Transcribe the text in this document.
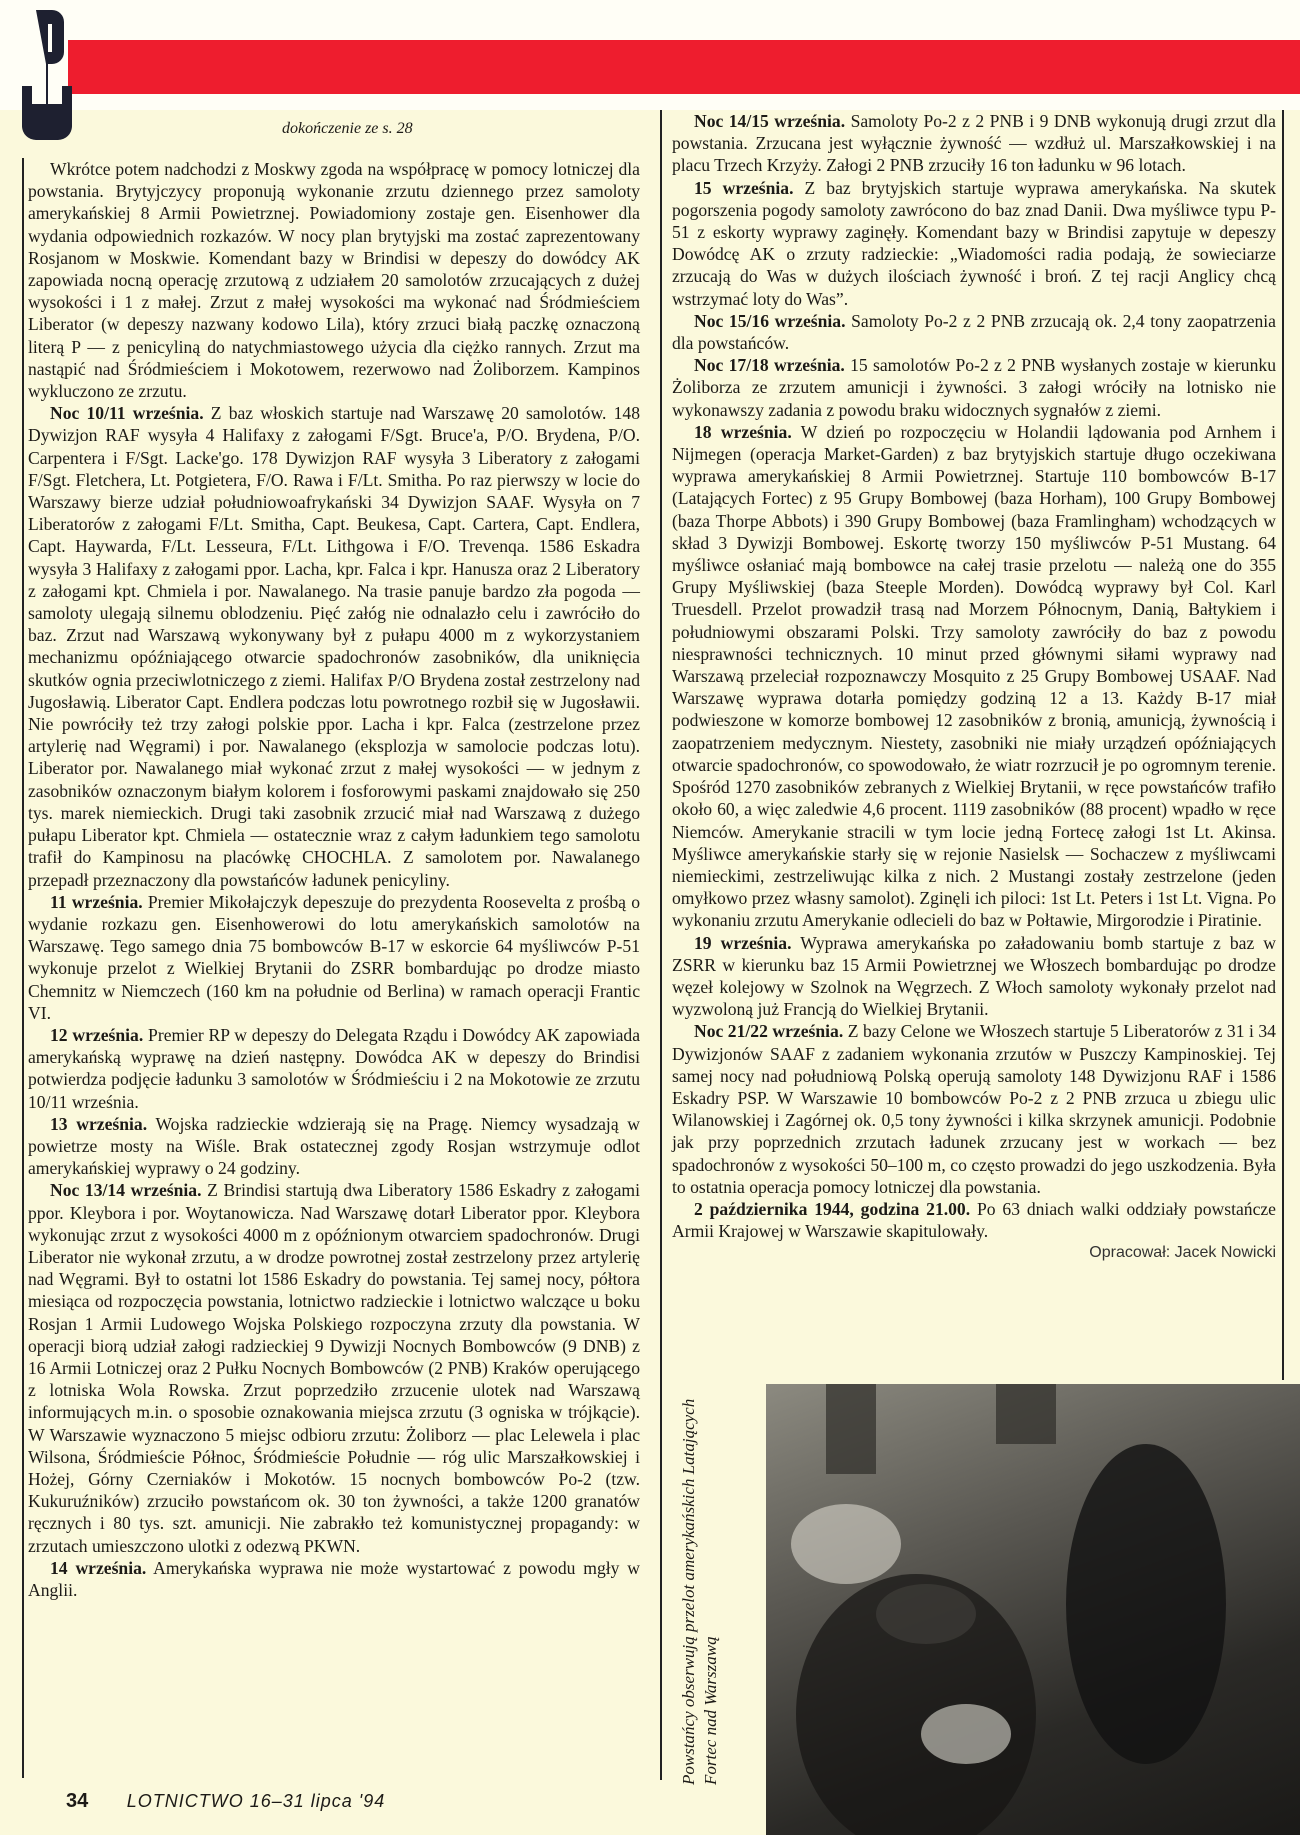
dokończenie ze s. 28

Wkrótce potem nadchodzi z Moskwy zgoda na współpracę w pomocy lotniczej dla powstania. Brytyjczycy proponują wykonanie zrzutu dziennego przez samoloty amerykańskiej 8 Armii Powietrznej. Powiadomiony zostaje gen. Eisenhower dla wydania odpowiednich rozkazów. W nocy plan brytyjski ma zostać zaprezentowany Rosjanom w Moskwie. Komendant bazy w Brindisi w depeszy do dowódcy AK zapowiada nocną operację zrzutową z udziałem 20 samolotów zrzucających z dużej wysokości i 1 z małej. Zrzut z małej wysokości ma wykonać nad Śródmieściem Liberator (w depeszy nazwany kodowo Lila), który zrzuci białą paczkę oznaczoną literą P — z penicyliną do natychmiastowego użycia dla ciężko rannych. Zrzut ma nastąpić nad Śródmieściem i Mokotowem, rezerwowo nad Żoliborzem. Kampinos wykluczono ze zrzutu.

Noc 10/11 września. Z baz włoskich startuje nad Warszawę 20 samolotów. 148 Dywizjon RAF wysyła 4 Halifaxy z załogami F/Sgt. Bruce'a, P/O. Brydena, P/O. Carpentera i F/Sgt. Lacke'go. 178 Dywizjon RAF wysyła 3 Liberatory z załogami F/Sgt. Fletchera, Lt. Potgietera, F/O. Rawa i F/Lt. Smitha. Po raz pierwszy w locie do Warszawy bierze udział południowoafrykański 34 Dywizjon SAAF. Wysyła on 7 Liberatorów z załogami F/Lt. Smitha, Capt. Beukesa, Capt. Cartera, Capt. Endlera, Capt. Haywarda, F/Lt. Lesseura, F/Lt. Lithgowa i F/O. Trevenqa. 1586 Eskadra wysyła 3 Halifaxy z załogami ppor. Lacha, kpr. Falca i kpr. Hanusza oraz 2 Liberatory z załogami kpt. Chmiela i por. Nawalanego. Na trasie panuje bardzo zła pogoda — samoloty ulegają silnemu oblodzeniu. Pięć załóg nie odnalazło celu i zawróciło do baz. Zrzut nad Warszawą wykonywany był z pułapu 4000 m z wykorzystaniem mechanizmu opóźniającego otwarcie spadochronów zasobników, dla uniknięcia skutków ognia przeciwlotniczego z ziemi. Halifax P/O Brydena został zestrzelony nad Jugosławią. Liberator Capt. Endlera podczas lotu powrotnego rozbił się w Jugosławii. Nie powróciły też trzy załogi polskie ppor. Lacha i kpr. Falca (zestrzelone przez artylerię nad Węgrami) i por. Nawalanego (eksplozja w samolocie podczas lotu). Liberator por. Nawalanego miał wykonać zrzut z małej wysokości — w jednym z zasobników oznaczonym białym kolorem i fosforowymi paskami znajdowało się 250 tys. marek niemieckich. Drugi taki zasobnik zrzucić miał nad Warszawą z dużego pułapu Liberator kpt. Chmiela — ostatecznie wraz z całym ładunkiem tego samolotu trafił do Kampinosu na placówkę CHOCHLA. Z samolotem por. Nawalanego przepadł przeznaczony dla powstańców ładunek penicyliny.

11 września. Premier Mikołajczyk depeszuje do prezydenta Roosevelta z prośbą o wydanie rozkazu gen. Eisenhowerowi do lotu amerykańskich samolotów na Warszawę. Tego samego dnia 75 bombowców B-17 w eskorcie 64 myśliwców P-51 wykonuje przelot z Wielkiej Brytanii do ZSRR bombardując po drodze miasto Chemnitz w Niemczech (160 km na południe od Berlina) w ramach operacji Frantic VI.

12 września. Premier RP w depeszy do Delegata Rządu i Dowódcy AK zapowiada amerykańską wyprawę na dzień następny. Dowódca AK w depeszy do Brindisi potwierdza podjęcie ładunku 3 samolotów w Śródmieściu i 2 na Mokotowie ze zrzutu 10/11 września.

13 września. Wojska radzieckie wdzierają się na Pragę. Niemcy wysadzają w powietrze mosty na Wiśle. Brak ostatecznej zgody Rosjan wstrzymuje odlot amerykańskiej wyprawy o 24 godziny.

Noc 13/14 września. Z Brindisi startują dwa Liberatory 1586 Eskadry z załogami ppor. Kleybora i por. Woytanowicza. Nad Warszawę dotarł Liberator ppor. Kleybora wykonując zrzut z wysokości 4000 m z opóźnionym otwarciem spadochronów. Drugi Liberator nie wykonał zrzutu, a w drodze powrotnej został zestrzelony przez artylerię nad Węgrami. Był to ostatni lot 1586 Eskadry do powstania. Tej samej nocy, półtora miesiąca od rozpoczęcia powstania, lotnictwo radzieckie i lotnictwo walczące u boku Rosjan 1 Armii Ludowego Wojska Polskiego rozpoczyna zrzuty dla powstania. W operacji biorą udział załogi radzieckiej 9 Dywizji Nocnych Bombowców (9 DNB) z 16 Armii Lotniczej oraz 2 Pułku Nocnych Bombowców (2 PNB) Kraków operującego z lotniska Wola Rowska. Zrzut poprzedziło zrzucenie ulotek nad Warszawą informujących m.in. o sposobie oznakowania miejsca zrzutu (3 ogniska w trójkącie). W Warszawie wyznaczono 5 miejsc odbioru zrzutu: Żoliborz — plac Lelewela i plac Wilsona, Śródmieście Północ, Śródmieście Południe — róg ulic Marszałkowskiej i Hożej, Górny Czerniaków i Mokotów. 15 nocnych bombowców Po-2 (tzw. Kukuruźników) zrzuciło powstańcom ok. 30 ton żywności, a także 1200 granatów ręcznych i 80 tys. szt. amunicji. Nie zabrakło też komunistycznej propagandy: w zrzutach umieszczono ulotki z odezwą PKWN.

14 września. Amerykańska wyprawa nie może wystartować z powodu mgły w Anglii.

Noc 14/15 września. Samoloty Po-2 z 2 PNB i 9 DNB wykonują drugi zrzut dla powstania. Zrzucana jest wyłącznie żywność — wzdłuż ul. Marszałkowskiej i na placu Trzech Krzyży. Załogi 2 PNB zrzuciły 16 ton ładunku w 96 lotach.

15 września. Z baz brytyjskich startuje wyprawa amerykańska. Na skutek pogorszenia pogody samoloty zawrócono do baz znad Danii. Dwa myśliwce typu P-51 z eskorty wyprawy zaginęły. Komendant bazy w Brindisi zapytuje w depeszy Dowódcę AK o zrzuty radzieckie: „Wiadomości radia podają, że sowieciarze zrzucają do Was w dużych ilościach żywność i broń. Z tej racji Anglicy chcą wstrzymać loty do Was”.

Noc 15/16 września. Samoloty Po-2 z 2 PNB zrzucają ok. 2,4 tony zaopatrzenia dla powstańców.

Noc 17/18 września. 15 samolotów Po-2 z 2 PNB wysłanych zostaje w kierunku Żoliborza ze zrzutem amunicji i żywności. 3 załogi wróciły na lotnisko nie wykonawszy zadania z powodu braku widocznych sygnałów z ziemi.

18 września. W dzień po rozpoczęciu w Holandii lądowania pod Arnhem i Nijmegen (operacja Market-Garden) z baz brytyjskich startuje długo oczekiwana wyprawa amerykańskiej 8 Armii Powietrznej. Startuje 110 bombowców B-17 (Latających Fortec) z 95 Grupy Bombowej (baza Horham), 100 Grupy Bombowej (baza Thorpe Abbots) i 390 Grupy Bombowej (baza Framlingham) wchodzących w skład 3 Dywizji Bombowej. Eskortę tworzy 150 myśliwców P-51 Mustang. 64 myśliwce osłaniać mają bombowce na całej trasie przelotu — należą one do 355 Grupy Myśliwskiej (baza Steeple Morden). Dowódcą wyprawy był Col. Karl Truesdell. Przelot prowadził trasą nad Morzem Północnym, Danią, Bałtykiem i południowymi obszarami Polski. Trzy samoloty zawróciły do baz z powodu niesprawności technicznych. 10 minut przed głównymi siłami wyprawy nad Warszawą przeleciał rozpoznawczy Mosquito z 25 Grupy Bombowej USAAF. Nad Warszawę wyprawa dotarła pomiędzy godziną 12 a 13. Każdy B-17 miał podwieszone w komorze bombowej 12 zasobników z bronią, amunicją, żywnością i zaopatrzeniem medycznym. Niestety, zasobniki nie miały urządzeń opóźniających otwarcie spadochronów, co spowodowało, że wiatr rozrzucił je po ogromnym terenie. Spośród 1270 zasobników zebranych z Wielkiej Brytanii, w ręce powstańców trafiło około 60, a więc zaledwie 4,6 procent. 1119 zasobników (88 procent) wpadło w ręce Niemców. Amerykanie stracili w tym locie jedną Fortecę załogi 1st Lt. Akinsa. Myśliwce amerykańskie starły się w rejonie Nasielsk — Sochaczew z myśliwcami niemieckimi, zestrzeliwując kilka z nich. 2 Mustangi zostały zestrzelone (jeden omyłkowo przez własny samolot). Zginęli ich piloci: 1st Lt. Peters i 1st Lt. Vigna. Po wykonaniu zrzutu Amerykanie odlecieli do baz w Połtawie, Mirgorodzie i Piratinie.

19 września. Wyprawa amerykańska po załadowaniu bomb startuje z baz w ZSRR w kierunku baz 15 Armii Powietrznej we Włoszech bombardując po drodze węzeł kolejowy w Szolnok na Węgrzech. Z Włoch samoloty wykonały przelot nad wyzwoloną już Francją do Wielkiej Brytanii.

Noc 21/22 września. Z bazy Celone we Włoszech startuje 5 Liberatorów z 31 i 34 Dywizjonów SAAF z zadaniem wykonania zrzutów w Puszczy Kampinoskiej. Tej samej nocy nad południową Polską operują samoloty 148 Dywizjonu RAF i 1586 Eskadry PSP. W Warszawie 10 bombowców Po-2 z 2 PNB zrzuca u zbiegu ulic Wilanowskiej i Zagórnej ok. 0,5 tony żywności i kilka skrzynek amunicji. Podobnie jak przy poprzednich zrzutach ładunek zrzucany jest w workach — bez spadochronów z wysokości 50–100 m, co często prowadzi do jego uszkodzenia. Była to ostatnia operacja pomocy lotniczej dla powstania.

2 października 1944, godzina 21.00. Po 63 dniach walki oddziały powstańcze Armii Krajowej w Warszawie skapitulowały.

Opracował: Jacek Nowicki

Powstańcy obserwują przelot amerykańskich Latających Fortec nad Warszawą
34 LOTNICTWO 16–31 lipca '94
